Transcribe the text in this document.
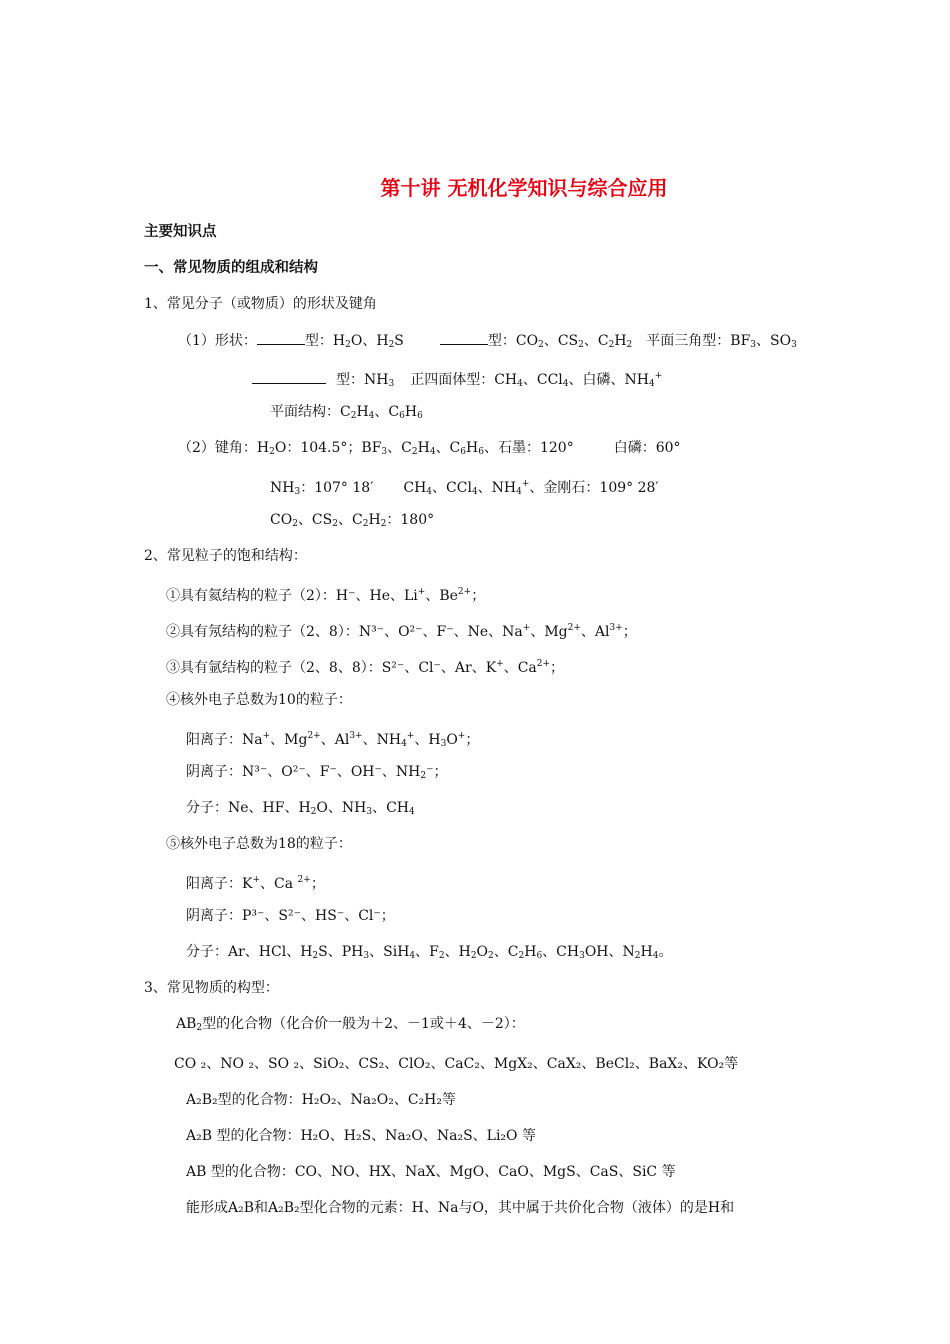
第十讲 无机化学知识与综合应用
主要知识点
一、常见物质的组成和结构
1、常见分子（或物质）的形状及键角
（1）形状：	型：$H_2O$、$H_2S$	型：$CO_2$、$CS_2$、$C_2H_2$ 平面三角型：$BF_3$、$SO_3$
型：$NH_3$ 正四面体型：$CH_4$、CCl$_4$、白磷、$NH_4^+$
平面结构：$C_2H_4$、$C_6H_6$
（2）键角：$H_2O$：104.5°；$BF_3$、$C_2H_4$、$C_6H_6$、石墨：120°	白磷：60°
$NH_3$：107° 18′ $CH_4$、CCl$_4$、$NH_4^+$、金刚石：109° 28′
$CO_2$、$CS_2$、$C_2H_2$：180°
2、常见粒子的饱和结构：
①具有氦结构的粒子（2）：H⁻、He、Li+、$Be^{2+}$；
②具有氖结构的粒子（2、8）：N³⁻、O²⁻、F⁻、Ne、Na+、$Mg^{2+}$、$Al^{3+}$；
③具有氩结构的粒子（2、8、8）：S²⁻、Cl⁻、Ar、K+、$Ca^{2+}$；
④核外电子总数为10的粒子：
阳离子：Na+、$Mg^{2+}$、$Al^{3+}$、$NH_4^+$、$H_3O^+$；
阴离子：N³⁻、O²⁻、F⁻、OH⁻、$NH_2^-$；
分子：Ne、HF、$H_2O$、$NH_3$、$CH_4$
⑤核外电子总数为18的粒子：
阳离子：K+、Ca $^{2+}$；
阴离子：P³⁻、S²⁻、HS⁻、Cl⁻；
分子：Ar、HCl、$H_2S$、$PH_3$、SiH$_4$、$F_2$、$H_2O_2$、$C_2H_6$、$CH_3OH$、$N_2H_4$。
3、常见物质的构型：
$AB_2$型的化合物（化合价一般为＋2、－1或＋4、－2）：
CO ₂、NO ₂、SO ₂、SiO₂、CS₂、ClO₂、CaC₂、MgX₂、CaX₂、BeCl₂、BaX₂、KO₂等
A₂B₂型的化合物：H₂O₂、Na₂O₂、C₂H₂等
A₂B 型的化合物：H₂O、H₂S、Na₂O、Na₂S、Li₂O 等
AB 型的化合物：CO、NO、HX、NaX、MgO、CaO、MgS、CaS、SiC 等
能形成A₂B和A₂B₂型化合物的元素：H、Na与O，其中属于共价化合物（液体）的是H和
